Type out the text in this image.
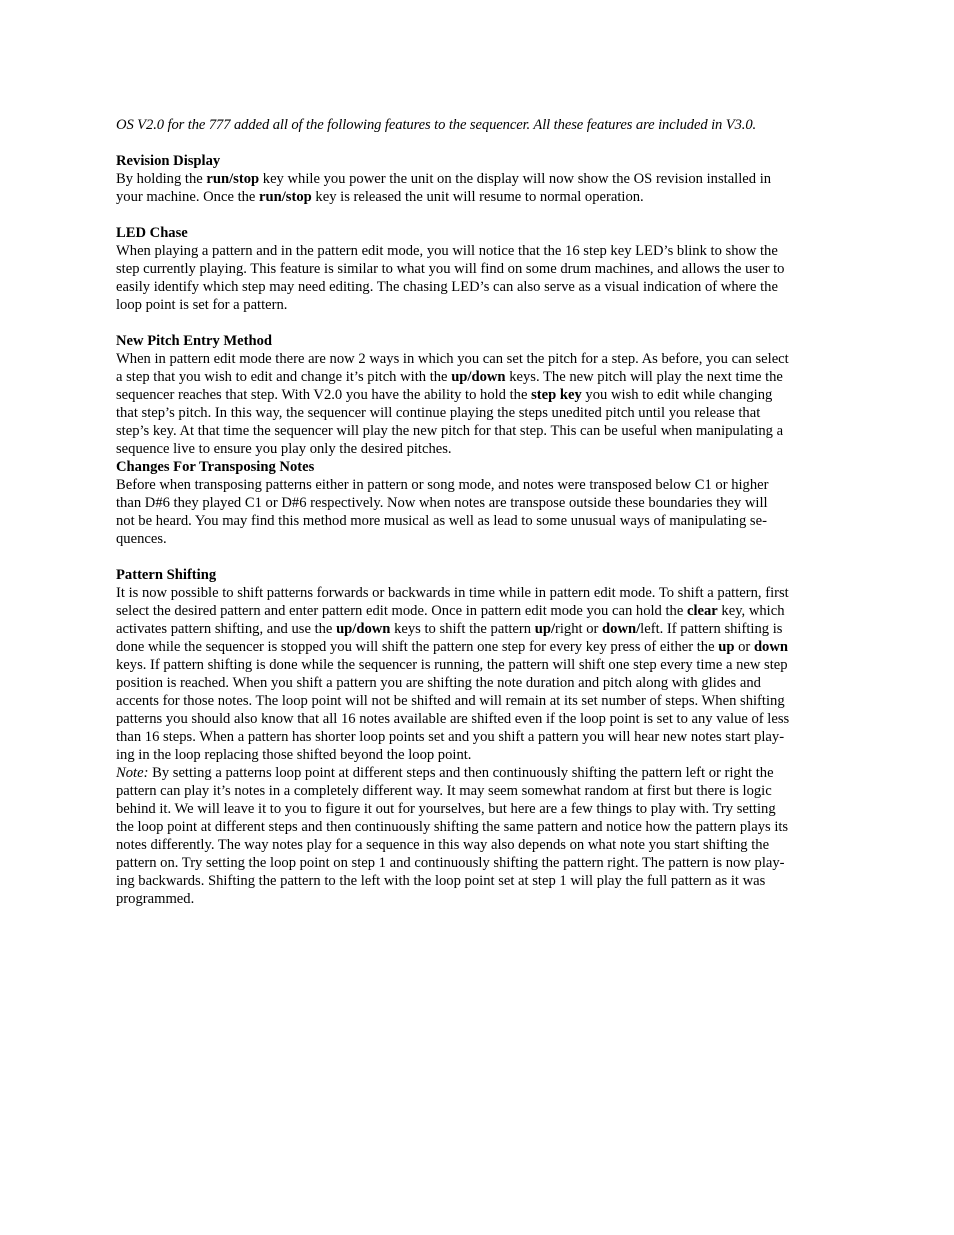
OS V2.0 for the 777 added all of the following features to the sequencer. All these features are included in V3.0.

Revision Display

By holding the run/stop key while you power the unit on the display will now show the OS revision installed in

your machine. Once the run/stop key is released the unit will resume to normal operation.

LED Chase

When playing a pattern and in the pattern edit mode, you will notice that the 16 step key LED’s blink to show the

step currently playing. This feature is similar to what you will find on some drum machines, and allows the user to

easily identify which step may need editing. The chasing LED’s can also serve as a visual indication of where the

loop point is set for a pattern.

New Pitch Entry Method

When in pattern edit mode there are now 2 ways in which you can set the pitch for a step. As before, you can select

a step that you wish to edit and change it’s pitch with the up/down keys. The new pitch will play the next time the

sequencer reaches that step. With V2.0 you have the ability to hold the step key you wish to edit while changing

that step’s pitch. In this way, the sequencer will continue playing the steps unedited pitch until you release that

step’s key. At that time the sequencer will play the new pitch for that step. This can be useful when manipulating a

sequence live to ensure you play only the desired pitches.

Changes For Transposing Notes

Before when transposing patterns either in pattern or song mode, and notes were transposed below C1 or higher

than D#6 they played C1 or D#6 respectively. Now when notes are transpose outside these boundaries they will

not be heard. You may find this method more musical as well as lead to some unusual ways of manipulating se-

quences.

Pattern Shifting

It is now possible to shift patterns forwards or backwards in time while in pattern edit mode. To shift a pattern, first

select the desired pattern and enter pattern edit mode. Once in pattern edit mode you can hold the clear key, which

activates pattern shifting, and use the up/down keys to shift the pattern up/right or down/left. If pattern shifting is

done while the sequencer is stopped you will shift the pattern one step for every key press of either the up or down

keys. If pattern shifting is done while the sequencer is running, the pattern will shift one step every time a new step

position is reached. When you shift a pattern you are shifting the note duration and pitch along with glides and

accents for those notes. The loop point will not be shifted and will remain at its set number of steps. When shifting

patterns you should also know that all 16 notes available are shifted even if the loop point is set to any value of less

than 16 steps. When a pattern has shorter loop points set and you shift a pattern you will hear new notes start play-

ing in the loop replacing those shifted beyond the loop point.

Note: By setting a patterns loop point at different steps and then continuously shifting the pattern left or right the

pattern can play it’s notes in a completely different way. It may seem somewhat random at first but there is logic

behind it. We will leave it to you to figure it out for yourselves, but here are a few things to play with. Try setting

the loop point at different steps and then continuously shifting the same pattern and notice how the pattern plays its

notes differently. The way notes play for a sequence in this way also depends on what note you start shifting the

pattern on. Try setting the loop point on step 1 and continuously shifting the pattern right. The pattern is now play-

ing backwards. Shifting the pattern to the left with the loop point set at step 1 will play the full pattern as it was

programmed.
